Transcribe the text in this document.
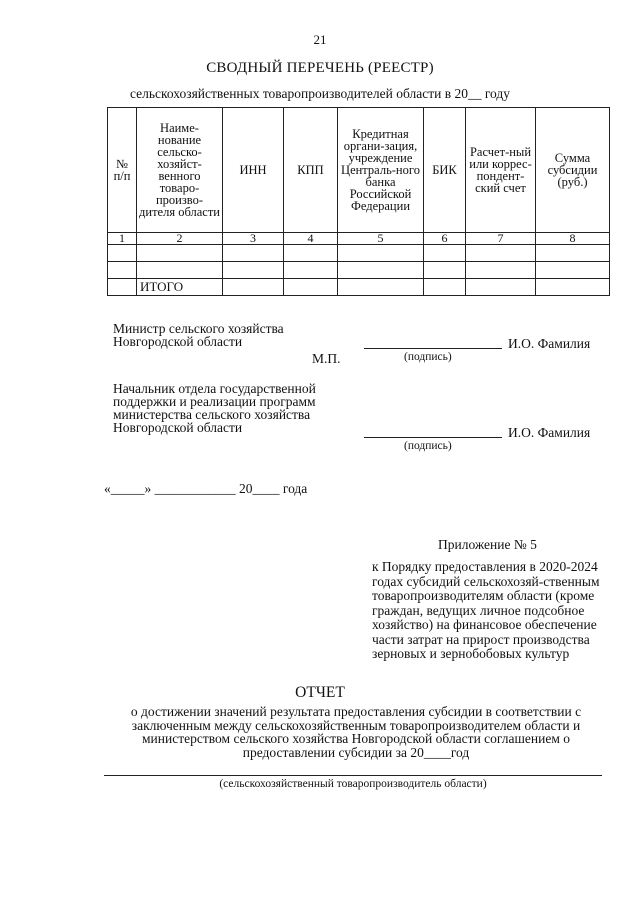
21
СВОДНЫЙ ПЕРЕЧЕНЬ (РЕЕСТР)
сельскохозяйственных товаропроизводителей области в 20__ году
№ п/п	Наиме-нование сельско-хозяйст-венного товаро-произво-дителя области	ИНН	КПП	Кредитная органи-зация, учреждение Централь-ного банка Российской Федерации	БИК	Расчет-ный или коррес-пондент-ский счет	Сумма субсидии (руб.)
1	2	3	4	5	6	7	8

	ИТОГО						
Министр сельского хозяйства Новгородской области	И.О. Фамилия
(подпись)
М.П.
Начальник отдела государственной поддержки и реализации программ министерства сельского хозяйства Новгородской области	И.О. Фамилия
(подпись)
«_____» ____________ 20____ года
Приложение № 5
к Порядку предоставления в 2020-2024 годах субсидий сельскохозяй-ственным товаропроизводителям области (кроме граждан, ведущих личное подсобное хозяйство) на финансовое обеспечение части затрат на прирост производства зерновых и зернобобовых культур
ОТЧЕТ
о достижении значений результата предоставления субсидии в соответствии с заключенным между сельскохозяйственным товаропроизводителем области и министерством сельского хозяйства Новгородской области соглашением о предоставлении субсидии за 20____год
(сельскохозяйственный товаропроизводитель области)
